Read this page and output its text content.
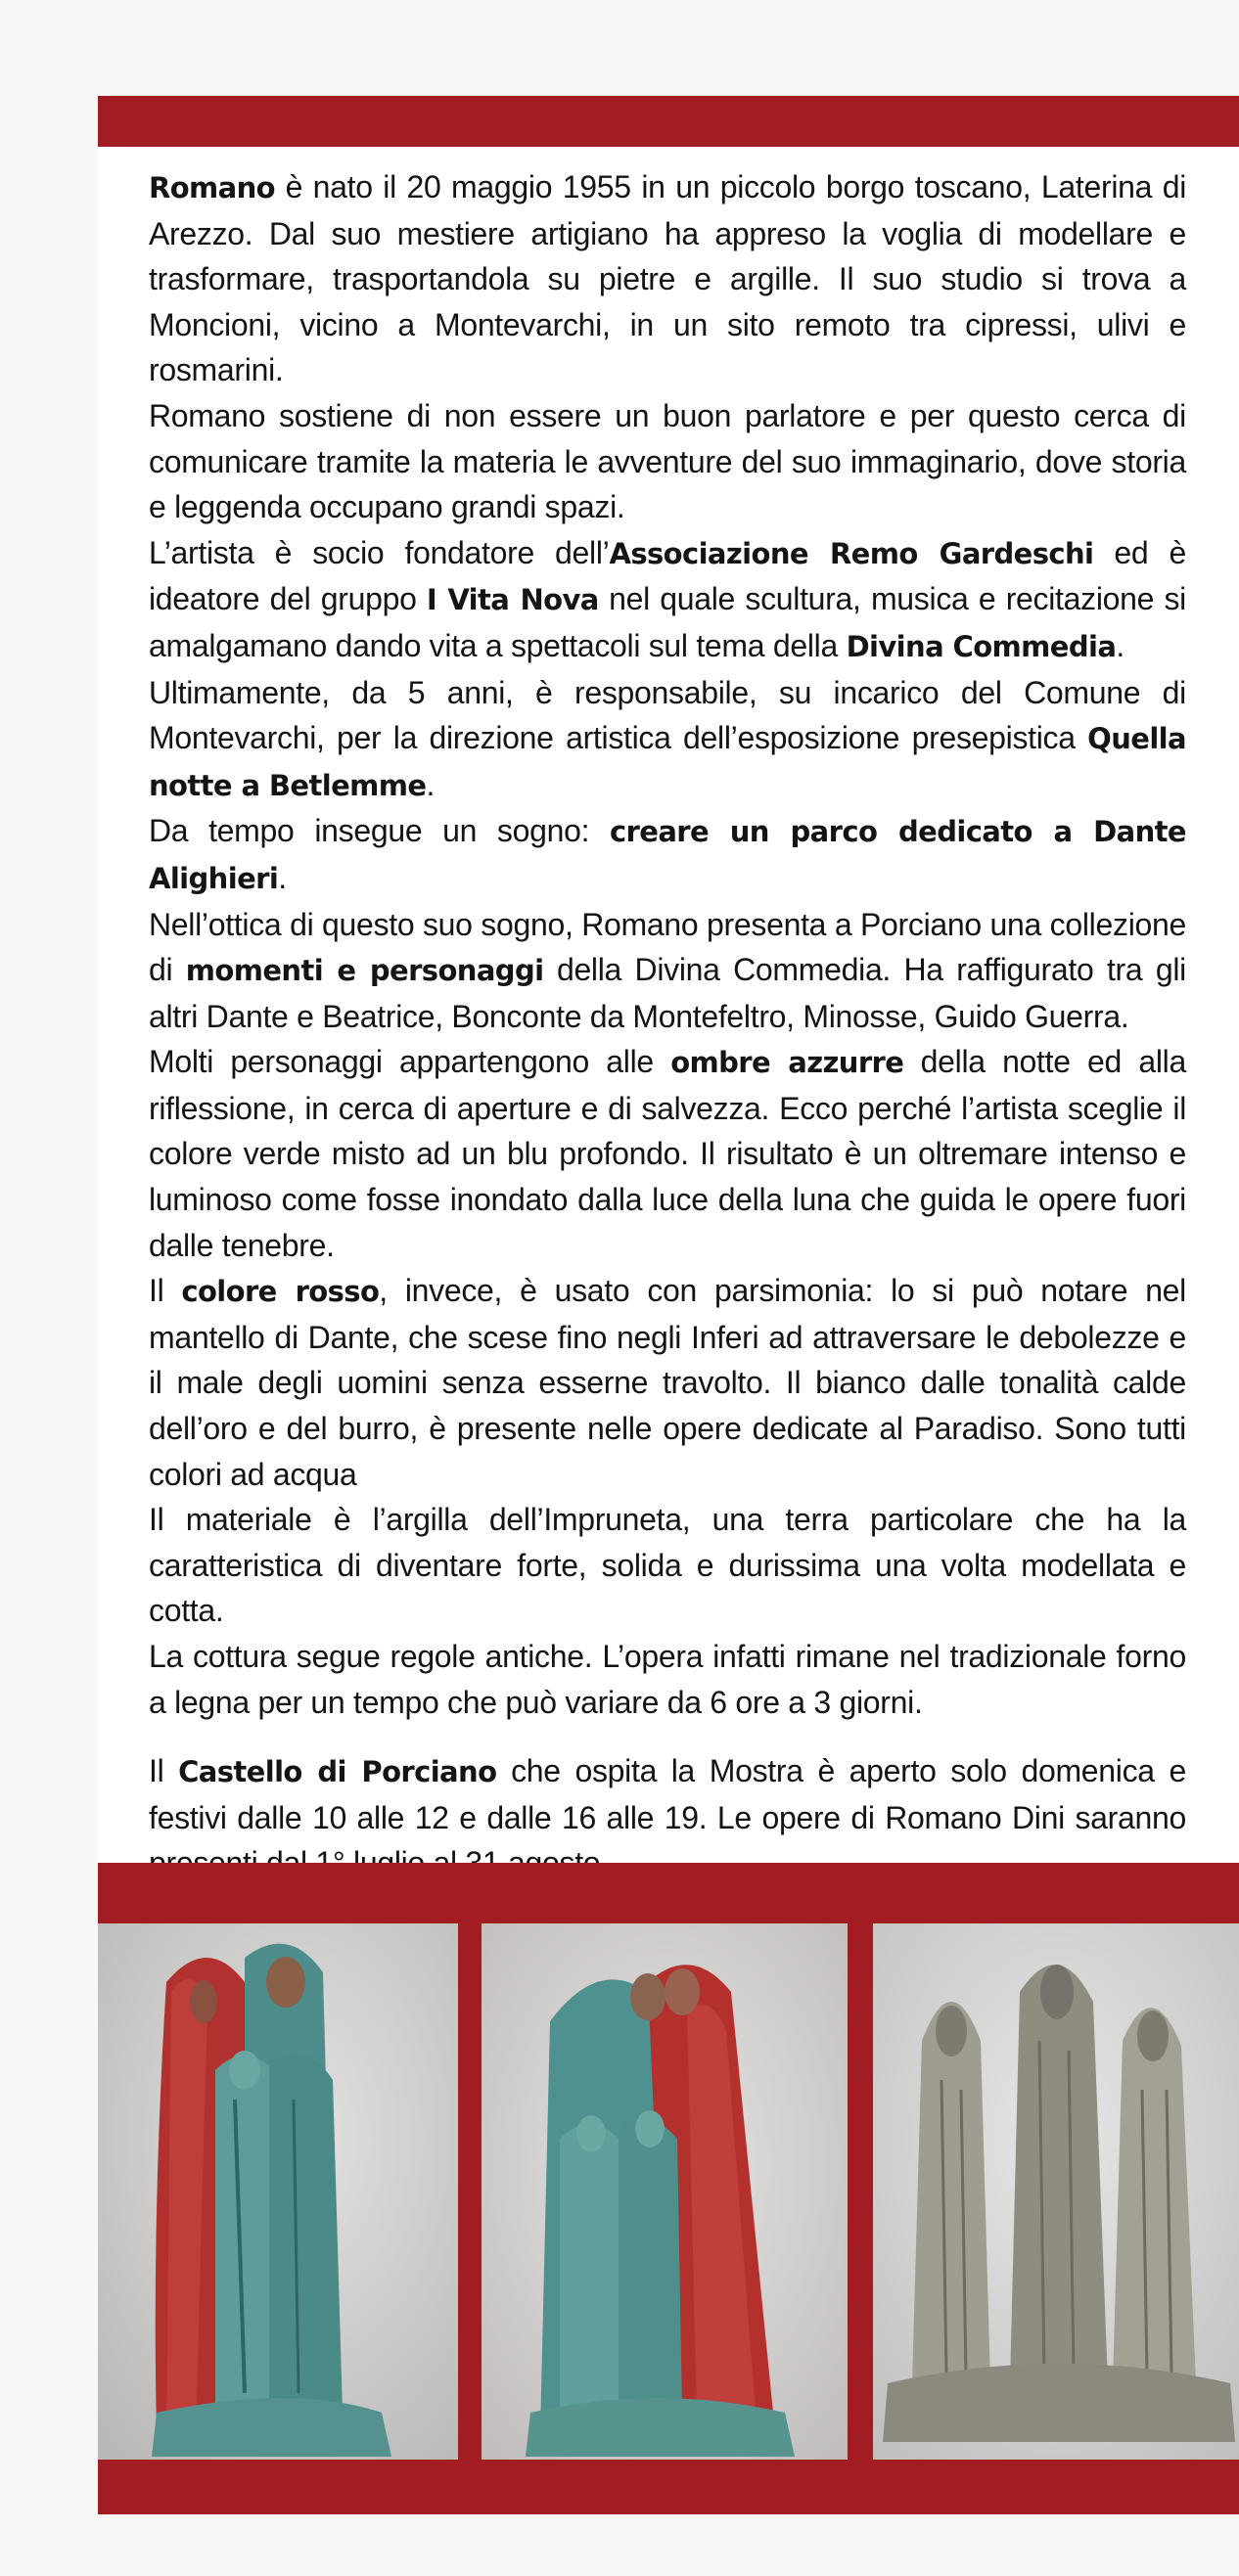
Romano è nato il 20 maggio 1955 in un piccolo borgo toscano, Laterina di Arezzo. Dal suo mestiere artigiano ha appreso la voglia di modellare e trasformare, trasportandola su pietre e argille. Il suo studio si trova a Moncioni, vicino a Montevarchi, in un sito remoto tra cipressi, ulivi e rosmarini.

Romano sostiene di non essere un buon parlatore e per questo cerca di comunicare tramite la materia le avventure del suo immaginario, dove storia e leggenda occupano grandi spazi.

L’artista è socio fondatore dell’Associazione Remo Gardeschi ed è ideatore del gruppo I Vita Nova nel quale scultura, musica e recitazione si amalgamano dando vita a spettacoli sul tema della Divina Commedia.

Ultimamente, da 5 anni, è responsabile, su incarico del Comune di Montevarchi, per la direzione artistica dell’esposizione presepistica Quella notte a Betlemme.

Da tempo insegue un sogno: creare un parco dedicato a Dante Alighieri.

Nell’ottica di questo suo sogno, Romano presenta a Porciano una collezione di momenti e personaggi della Divina Commedia. Ha raffigurato tra gli altri Dante e Beatrice, Bonconte da Montefeltro, Minosse, Guido Guerra.

Molti personaggi appartengono alle ombre azzurre della notte ed alla riflessione, in cerca di aperture e di salvezza. Ecco perché l’artista sceglie il colore verde misto ad un blu profondo. Il risultato è un oltremare intenso e luminoso come fosse inondato dalla luce della luna che guida le opere fuori dalle tenebre.

Il colore rosso, invece, è usato con parsimonia: lo si può notare nel mantello di Dante, che scese fino negli Inferi ad attraversare le debolezze e il male degli uomini senza esserne travolto. Il bianco dalle tonalità calde dell’oro e del burro, è presente nelle opere dedicate al Paradiso. Sono tutti colori ad acqua

Il materiale è l’argilla dell’Impruneta, una terra particolare che ha la caratteristica di diventare forte, solida e durissima una volta modellata e cotta.

La cottura segue regole antiche. L’opera infatti rimane nel tradizionale forno a legna per un tempo che può variare da 6 ore a 3 giorni.

Il Castello di Porciano che ospita la Mostra è aperto solo domenica e festivi dalle 10 alle 12 e dalle 16 alle 19. Le opere di Romano Dini saranno
